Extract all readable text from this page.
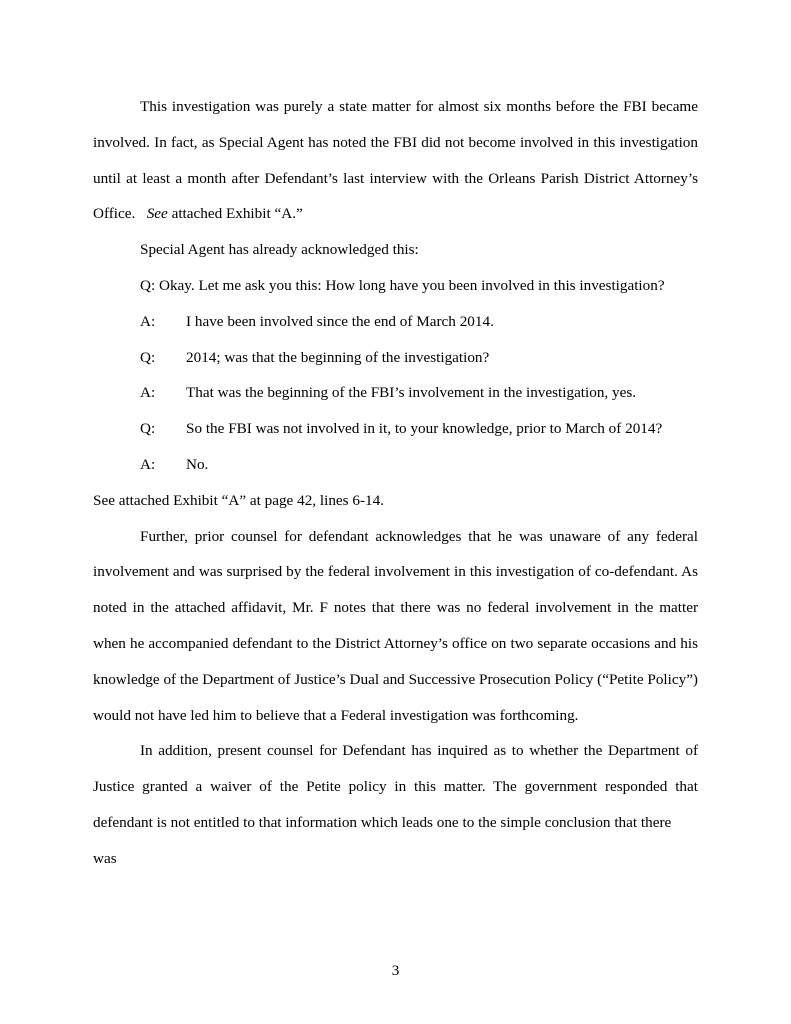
This investigation was purely a state matter for almost six months before the FBI became involved. In fact, as Special Agent has noted the FBI did not become involved in this investigation until at least a month after Defendant’s last interview with the Orleans Parish District Attorney’s Office. See attached Exhibit “A.”

Special Agent has already acknowledged this:

Q: Okay. Let me ask you this: How long have you been involved in this investigation?

A: I have been involved since the end of March 2014.
Q: 2014; was that the beginning of the investigation?
A: That was the beginning of the FBI’s involvement in the investigation, yes.
Q: So the FBI was not involved in it, to your knowledge, prior to March of 2014?
A: No.

See attached Exhibit “A” at page 42, lines 6-14.

Further, prior counsel for defendant acknowledges that he was unaware of any federal involvement and was surprised by the federal involvement in this investigation of co-defendant. As noted in the attached affidavit, Mr. F notes that there was no federal involvement in the matter when he accompanied defendant to the District Attorney’s office on two separate occasions and his knowledge of the Department of Justice’s Dual and Successive Prosecution Policy (“Petite Policy”) would not have led him to believe that a Federal investigation was forthcoming.

In addition, present counsel for Defendant has inquired as to whether the Department of Justice granted a waiver of the Petite policy in this matter. The government responded that defendant is not entitled to that information which leads one to the simple conclusion that there

was

3
